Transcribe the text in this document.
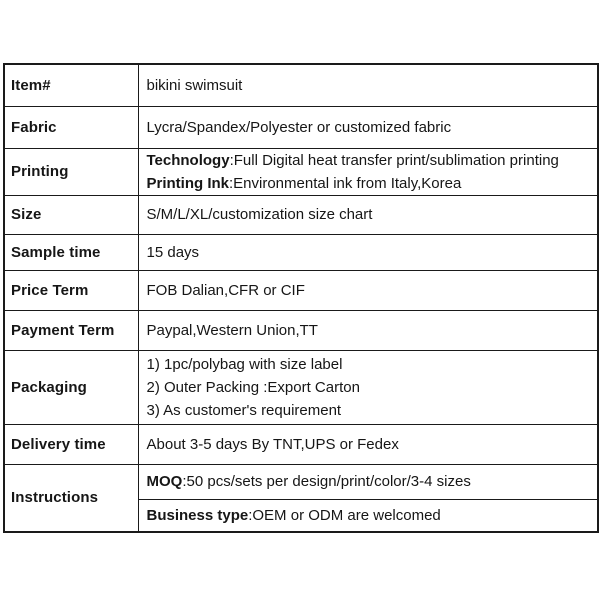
Item#	bikini swimsuit
Fabric	Lycra/Spandex/Polyester or customized fabric
Printing	Technology:Full Digital heat transfer print/sublimation printing
Printing Ink:Environmental ink from Italy,Korea

Size	S/M/L/XL/customization size chart
Sample time	15 days
Price Term	FOB Dalian,CFR or CIF
Payment Term	Paypal,Western Union,TT
Packaging	1) 1pc/polybag with size label
2) Outer Packing :Export Carton
3) As customer's requirement

Delivery time	About 3-5 days By TNT,UPS or Fedex
Instructions	MOQ:50 pcs/sets per design/print/color/3-4 sizes
	Business type:OEM or ODM are welcomed
